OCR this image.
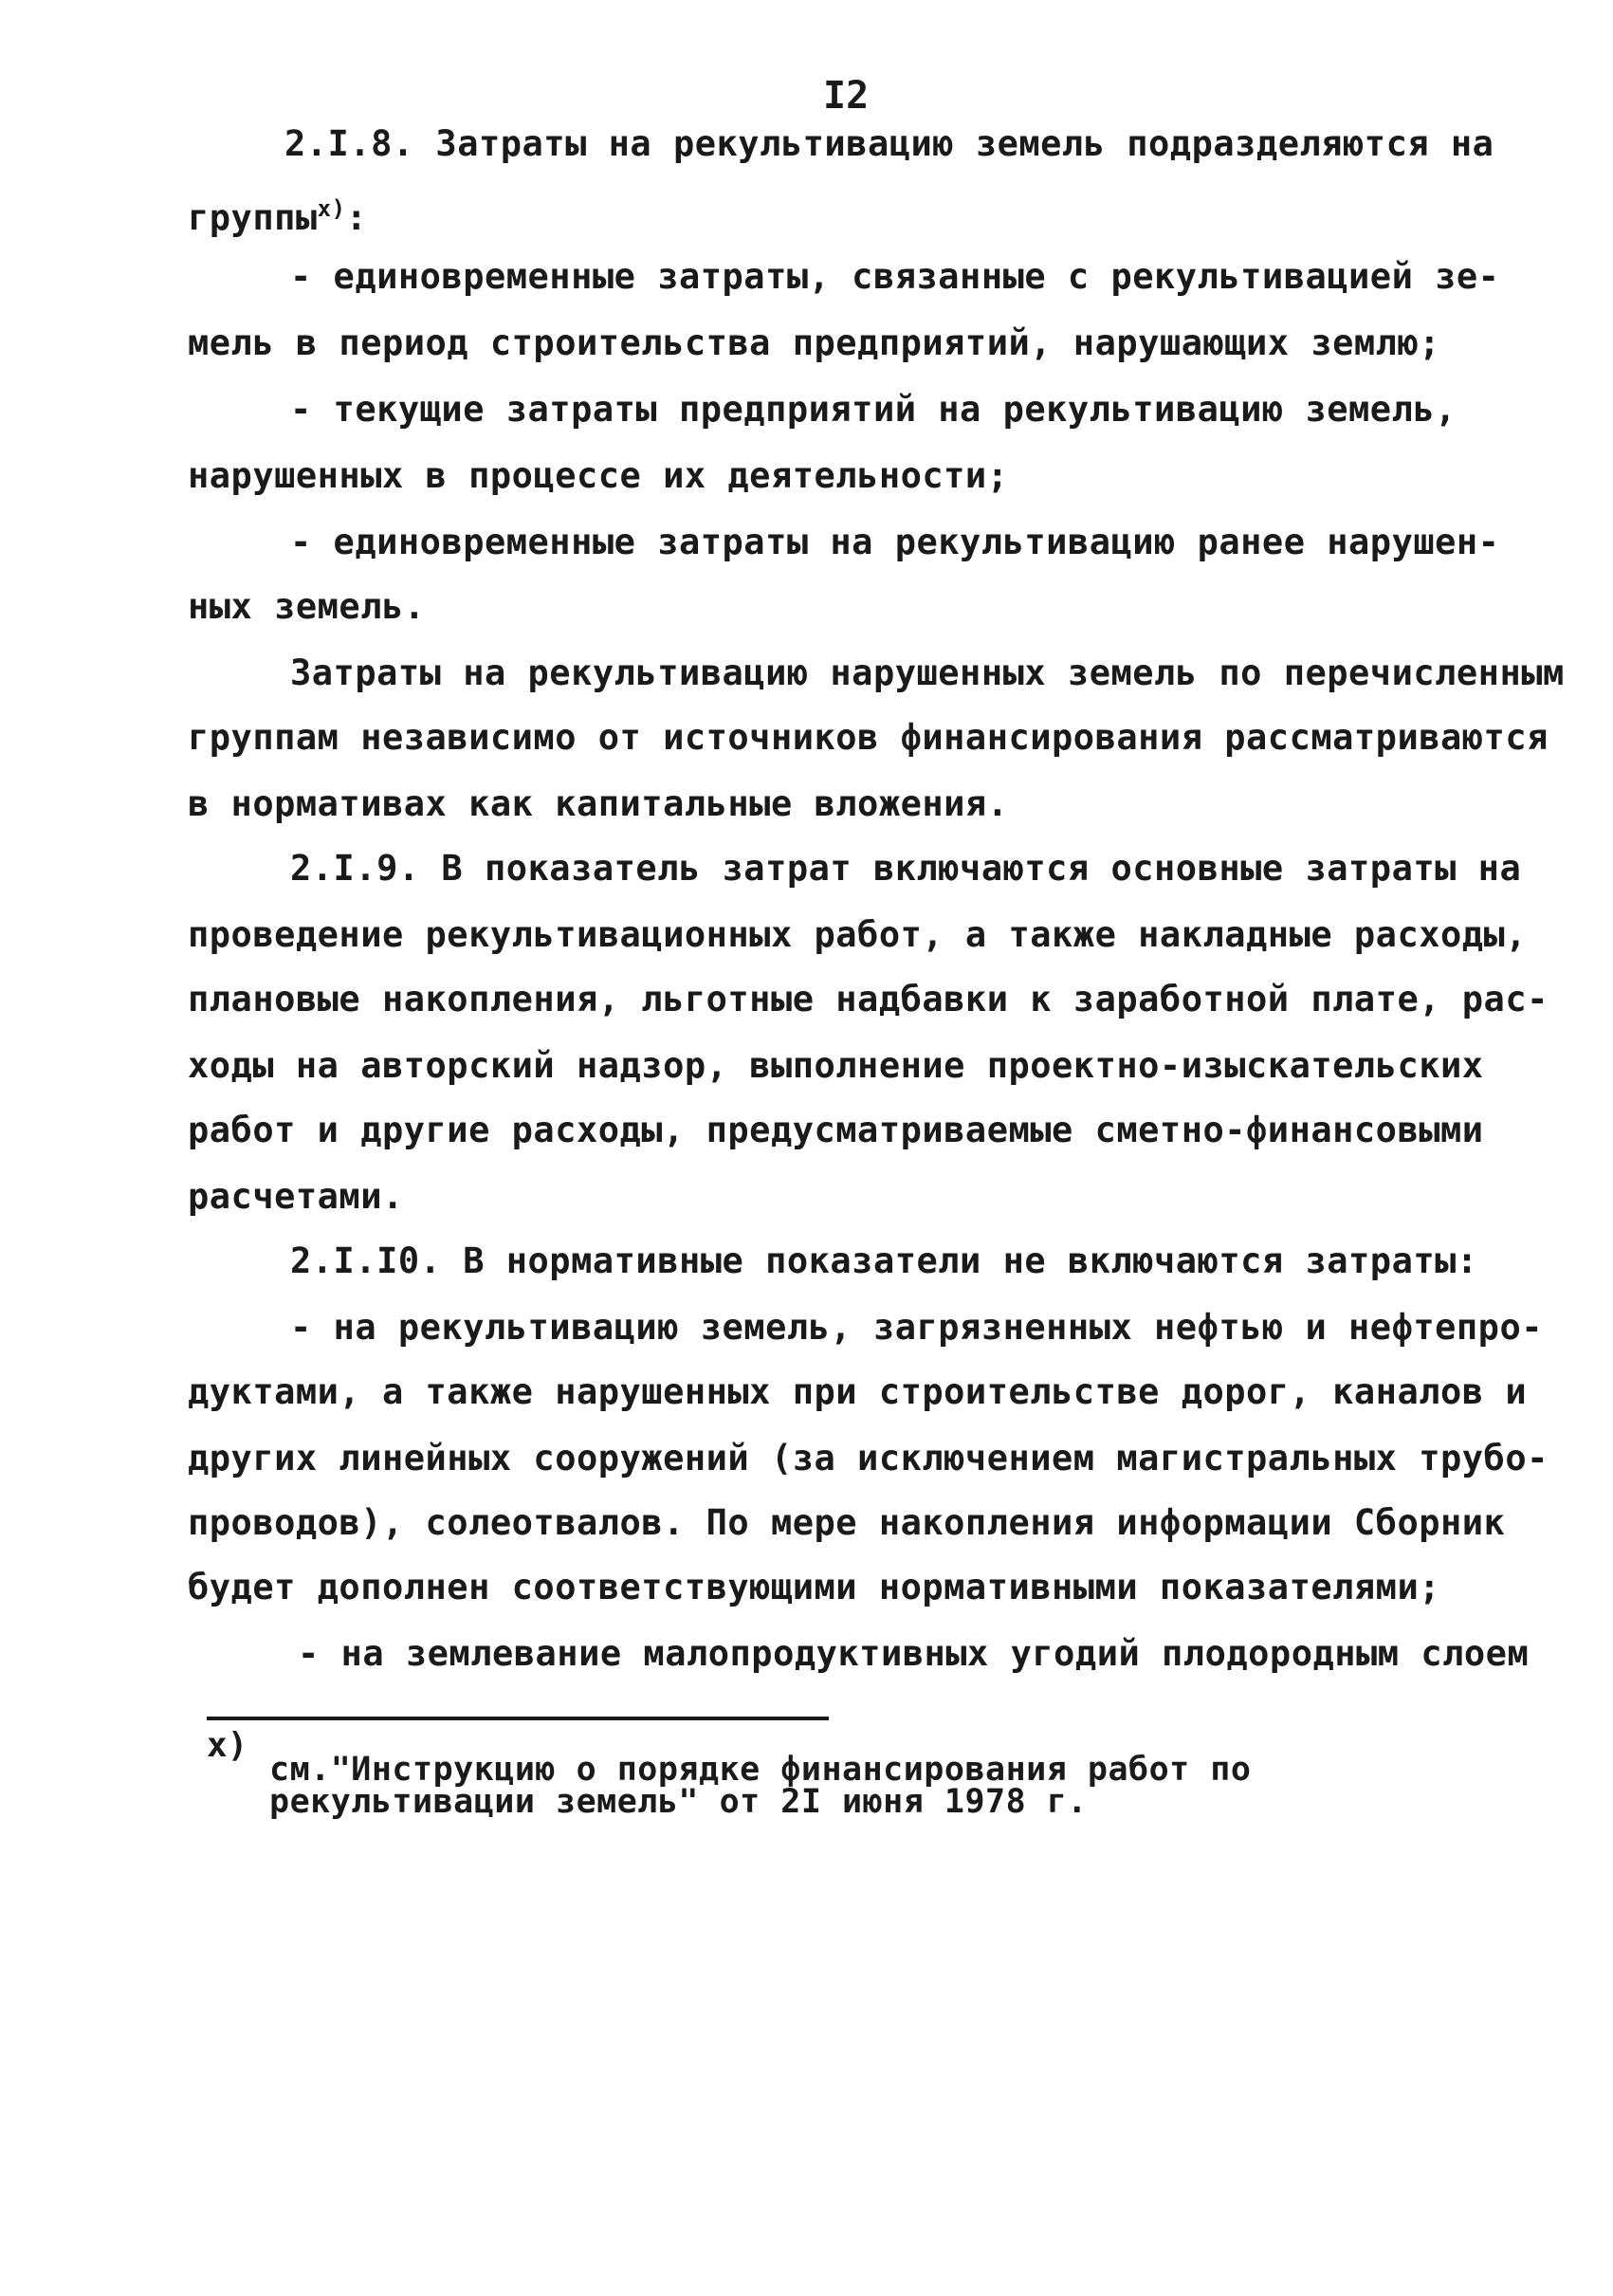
I2
2.I.8. Затраты на рекультивацию земель подразделяются на
группы$^{х)}$:
- единовременные затраты, связанные с рекультивацией зе-
мель в период строительства предприятий, нарушающих землю;
- текущие затраты предприятий на рекультивацию земель,
нарушенных в процессе их деятельности;
- единовременные затраты на рекультивацию ранее нарушен-
ных земель.
Затраты на рекультивацию нарушенных земель по перечисленным
группам независимо от источников финансирования рассматриваются
в нормативах как капитальные вложения.
2.I.9. В показатель затрат включаются основные затраты на
проведение рекультивационных работ, а также накладные расходы,
плановые накопления, льготные надбавки к заработной плате, рас-
ходы на авторский надзор, выполнение проектно-изыскательских
работ и другие расходы, предусматриваемые сметно-финансовыми
расчетами.
2.I.I0. В нормативные показатели не включаются затраты:
- на рекультивацию земель, загрязненных нефтью и нефтепро-
дуктами, а также нарушенных при строительстве дорог, каналов и
других линейных сооружений (за исключением магистральных трубо-
проводов), солеотвалов. По мере накопления информации Сборник
будет дополнен соответствующими нормативными показателями;
- на землевание малопродуктивных угодий плодородным слоем
х)
см."Инструкцию о порядке финансирования работ по
рекультивации земель" от 2I июня 1978 г.
